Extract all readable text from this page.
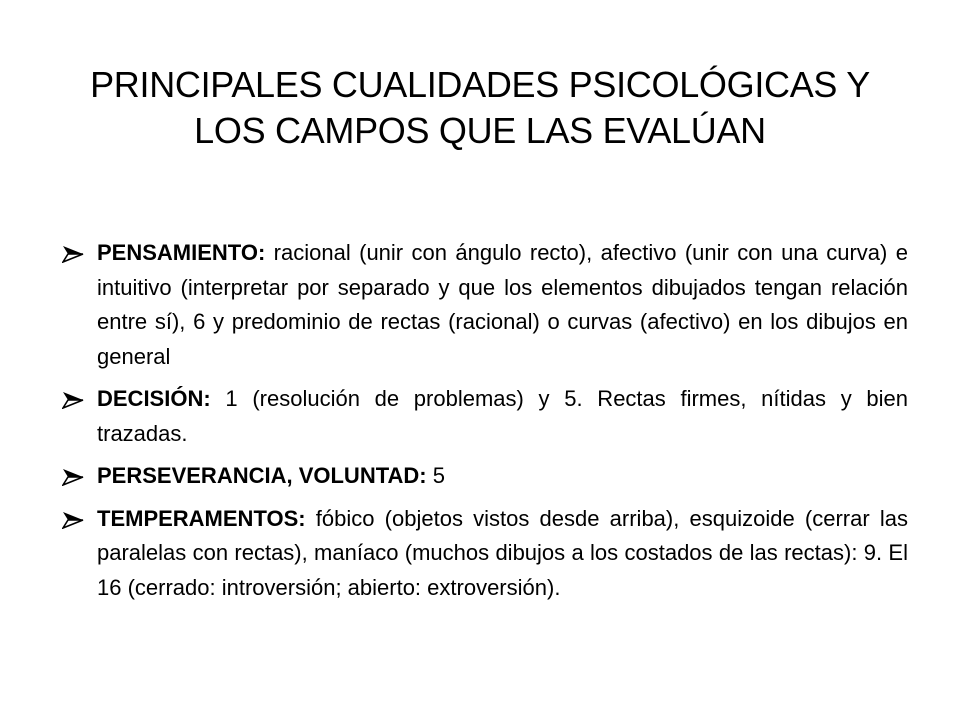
PRINCIPALES CUALIDADES PSICOLÓGICAS Y LOS CAMPOS QUE LAS EVALÚAN
PENSAMIENTO: racional (unir con ángulo recto), afectivo (unir con una curva) e intuitivo (interpretar por separado y que los elementos dibujados tengan relación entre sí), 6 y predominio de rectas (racional) o curvas (afectivo) en los dibujos en general
DECISIÓN: 1 (resolución de problemas) y 5. Rectas firmes, nítidas y bien trazadas.
PERSEVERANCIA, VOLUNTAD: 5
TEMPERAMENTOS: fóbico (objetos vistos desde arriba), esquizoide (cerrar las paralelas con rectas), maníaco (muchos dibujos a los costados de las rectas): 9. El 16 (cerrado: introversión; abierto: extroversión).
